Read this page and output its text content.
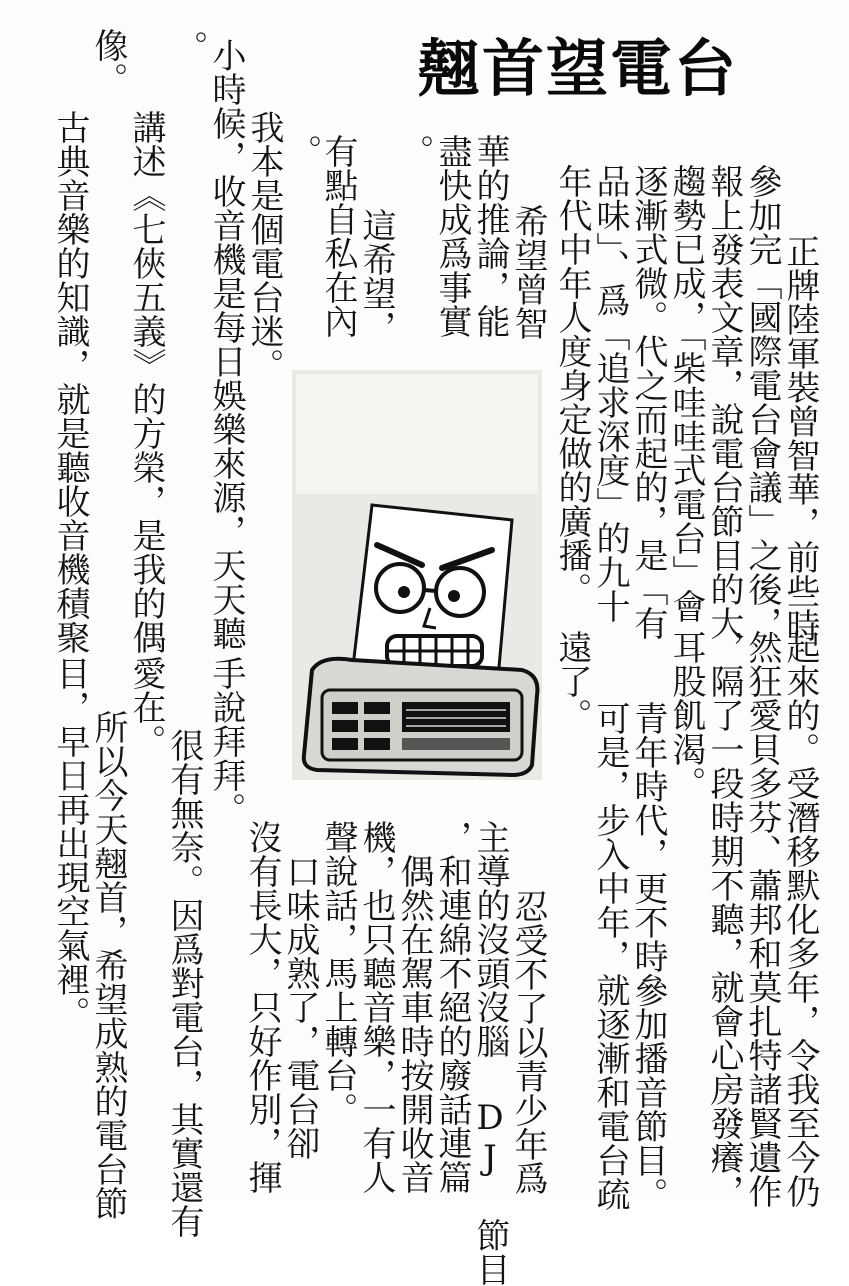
翹首望電台
　正牌陸軍裝曾智華，前些時
參加完「國際電台會議」之後，
報上發表文章，說電台節目的大
趨勢已成，「柴哇哇式電台」會
逐漸式微。代之而起的，是「有
品味」、爲「追求深度」的九十
年代中年人度身定做的廣播。
　希望曾智
華的推論，能
盡快成爲事實
。
　這希望，
有點自私在內
。
　我本是個電台迷。
小時候，收音機是每日娛樂來源，天天聽
。
　講述《七俠五義》的方榮，是我的偶
像。
古典音樂的知識，就是聽收音機積聚
起來的。受潛移默化多年，令我至今仍
然狂愛貝多芬、蕭邦和莫扎特諸賢遺作
，隔了一段時期不聽，就會心房發癢，
耳股飢渴。
　青年時代，更不時參加播音節目。
　可是，步入中年，就逐漸和電台疏
遠了。
　忍受不了以青少年爲
主導的沒頭沒腦 DJ 節目
，和連綿不絕的廢話連篇
　偶然在駕車時按開收音
機，也只聽音樂，一有人
聲說話，馬上轉台。
　口味成熟了，電台卻
沒有長大，只好作別，揮
手說拜拜。
　很有無奈。因爲對電台，其實還有
愛在。
　所以今天翹首，希望成熟的電台節
目，早日再出現空氣裡。
